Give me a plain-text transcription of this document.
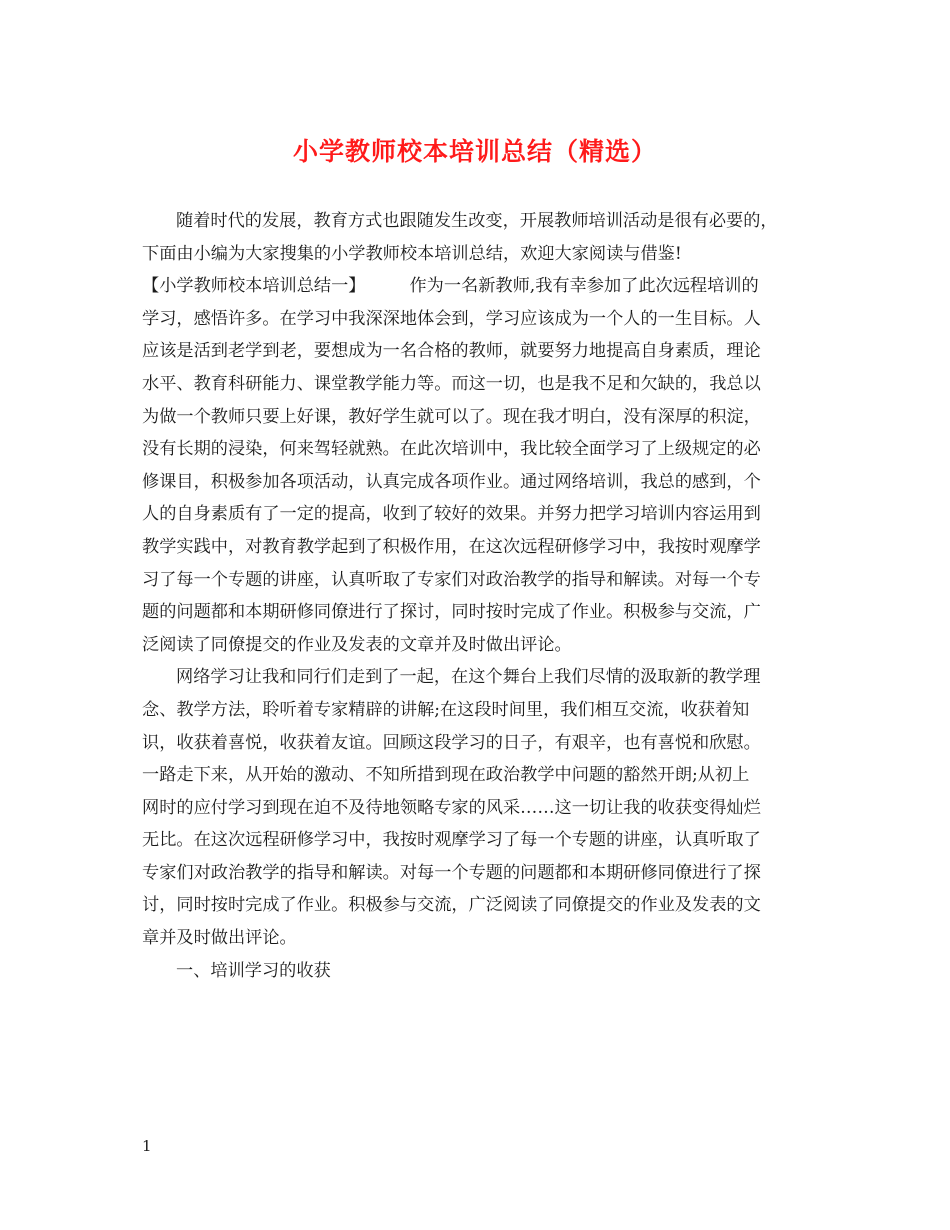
小学教师校本培训总结（精选）
随着时代的发展，教育方式也跟随发生改变，开展教师培训活动是很有必要的，
下面由小编为大家搜集的小学教师校本培训总结，欢迎大家阅读与借鉴!
【小学教师校本培训总结一】	作为一名新教师,我有幸参加了此次远程培训的
学习，感悟许多。在学习中我深深地体会到，学习应该成为一个人的一生目标。人
应该是活到老学到老，要想成为一名合格的教师，就要努力地提高自身素质，理论
水平、教育科研能力、课堂教学能力等。而这一切，也是我不足和欠缺的，我总以
为做一个教师只要上好课，教好学生就可以了。现在我才明白，没有深厚的积淀，
没有长期的浸染，何来驾轻就熟。在此次培训中，我比较全面学习了上级规定的必
修课目，积极参加各项活动，认真完成各项作业。通过网络培训，我总的感到，个
人的自身素质有了一定的提高，收到了较好的效果。并努力把学习培训内容运用到
教学实践中，对教育教学起到了积极作用，在这次远程研修学习中，我按时观摩学
习了每一个专题的讲座，认真听取了专家们对政治教学的指导和解读。对每一个专
题的问题都和本期研修同僚进行了探讨，同时按时完成了作业。积极参与交流，广
泛阅读了同僚提交的作业及发表的文章并及时做出评论。
网络学习让我和同行们走到了一起，在这个舞台上我们尽情的汲取新的教学理
念、教学方法，聆听着专家精辟的讲解;在这段时间里，我们相互交流，收获着知
识，收获着喜悦，收获着友谊。回顾这段学习的日子，有艰辛，也有喜悦和欣慰。
一路走下来，从开始的激动、不知所措到现在政治教学中问题的豁然开朗;从初上
网时的应付学习到现在迫不及待地领略专家的风采……这一切让我的收获变得灿烂
无比。在这次远程研修学习中，我按时观摩学习了每一个专题的讲座，认真听取了
专家们对政治教学的指导和解读。对每一个专题的问题都和本期研修同僚进行了探
讨，同时按时完成了作业。积极参与交流，广泛阅读了同僚提交的作业及发表的文
章并及时做出评论。
一、培训学习的收获
1
